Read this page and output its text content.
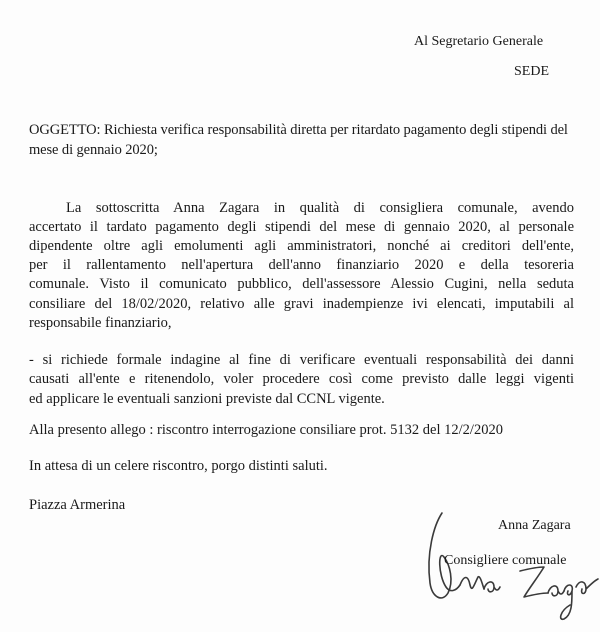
Al Segretario Generale
SEDE
OGGETTO: Richiesta verifica responsabilità diretta per ritardato pagamento degli stipendi del mese di gennaio 2020;
La sottoscritta Anna Zagara in qualità di consigliera comunale, avendo
accertato il tardato pagamento degli stipendi del mese di gennaio 2020, al personale
dipendente oltre agli emolumenti agli amministratori, nonché ai creditori dell'ente,
per il rallentamento nell'apertura dell'anno finanziario 2020 e della tesoreria
comunale. Visto il comunicato pubblico, dell'assessore Alessio Cugini, nella seduta
consiliare del 18/02/2020, relativo alle gravi inadempienze ivi elencati, imputabili al
responsabile finanziario,
- si richiede formale indagine al fine di verificare eventuali responsabilità dei danni
causati all'ente e ritenendolo, voler procedere così come previsto dalle leggi vigenti
ed applicare le eventuali sanzioni previste dal CCNL vigente.
Alla presento allego : riscontro interrogazione consiliare prot. 5132 del 12/2/2020
In attesa di un celere riscontro, porgo distinti saluti.
Piazza Armerina
Anna Zagara
Consigliere comunale
